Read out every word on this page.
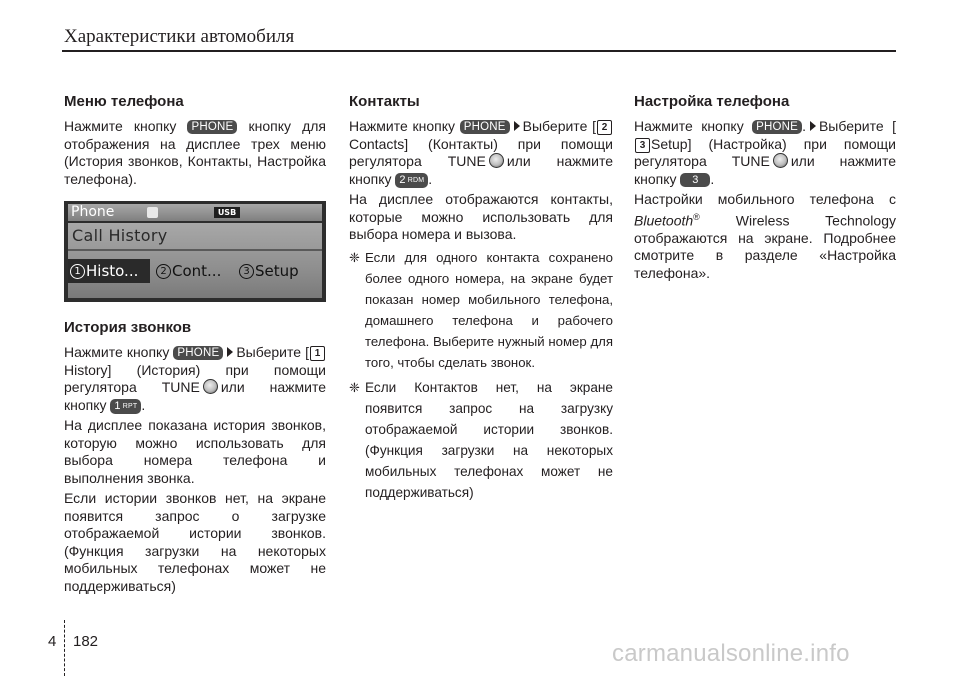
Характеристики автомобиля
Меню телефона

Нажмите кнопку PHONE кнопку для отображения на дисплее трех меню (История звонков, Контакты, Настройка телефона).

Phone	USB
Call History
1 Histo...	2 Cont...	3 Setup
История звонков

Нажмите кнопку PHONE Выберите [ 1History] (История) при помощи регулятора TUNE или нажмите кнопку 1 RPT .

На дисплее показана история звонков, которую можно использовать для выбора номера телефона и выполнения звонка.

Если истории звонков нет, на экране появится запрос о загрузке отображаемой истории звонков. (Функция загрузки на некоторых мобильных телефонах может не поддерживаться)

Контакты

Нажмите кнопку PHONE Выберите [ 2Contacts] (Контакты) при помощи регулятора TUNE или нажмите кнопку 2 RDM .

На дисплее отображаются контакты, которые можно использовать для выбора номера и вызова.

❈ Если для одного контакта сохранено более одного номера, на экране будет показан номер мобильного телефона, домашнего телефона и рабочего телефона. Выберите нужный номер для того, чтобы сделать звонок.
❈ Если Контактов нет, на экране появится запрос на загрузку отображаемой истории звонков. (Функция загрузки на некоторых мобильных телефонах может не поддерживаться)
Настройка телефона

Нажмите кнопку PHONE . Выберите [3 Setup] (Настройка) при помощи регулятора TUNE или нажмите кнопку 3 .

Настройки мобильного телефона с Bluetooth®	Wireless Technology отображаются на экране. Подробнее смотрите в разделе «Настройка телефона».

4 182	carmanualsonline.info
